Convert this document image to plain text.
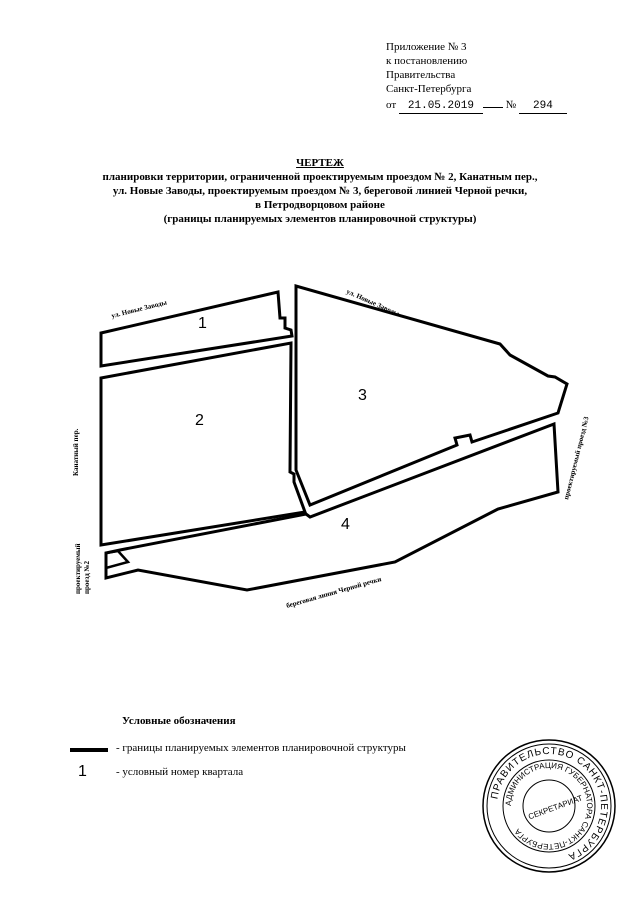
Приложение № 3
к постановлению
Правительства
Санкт-Петербурга
от 21.05.2019	№ 294
ЧЕРТЕЖ
планировки территории, ограниченной проектируемым проездом № 2, Канатным пер.,
ул. Новые Заводы, проектируемым проездом № 3, береговой линией Черной речки,
в Петродворцовом районе
(границы планируемых элементов планировочной структуры)
1
2
3
4
ул. Новые Заводы	ул. Новые Заводы
Канатный пер.
проектируемый проезд №2
проектируемый проезд №3
береговая линия Черной речки
ПРАВИТЕЛЬСТВО САНКТ-ПЕТЕРБУРГА
АДМИНИСТРАЦИЯ ГУБЕРНАТОРА САНКТ-ПЕТЕРБУРГА
СЕКРЕТАРИАТ
Условные обозначения
- границы планируемых элементов планировочной структуры
1	- условный номер квартала
